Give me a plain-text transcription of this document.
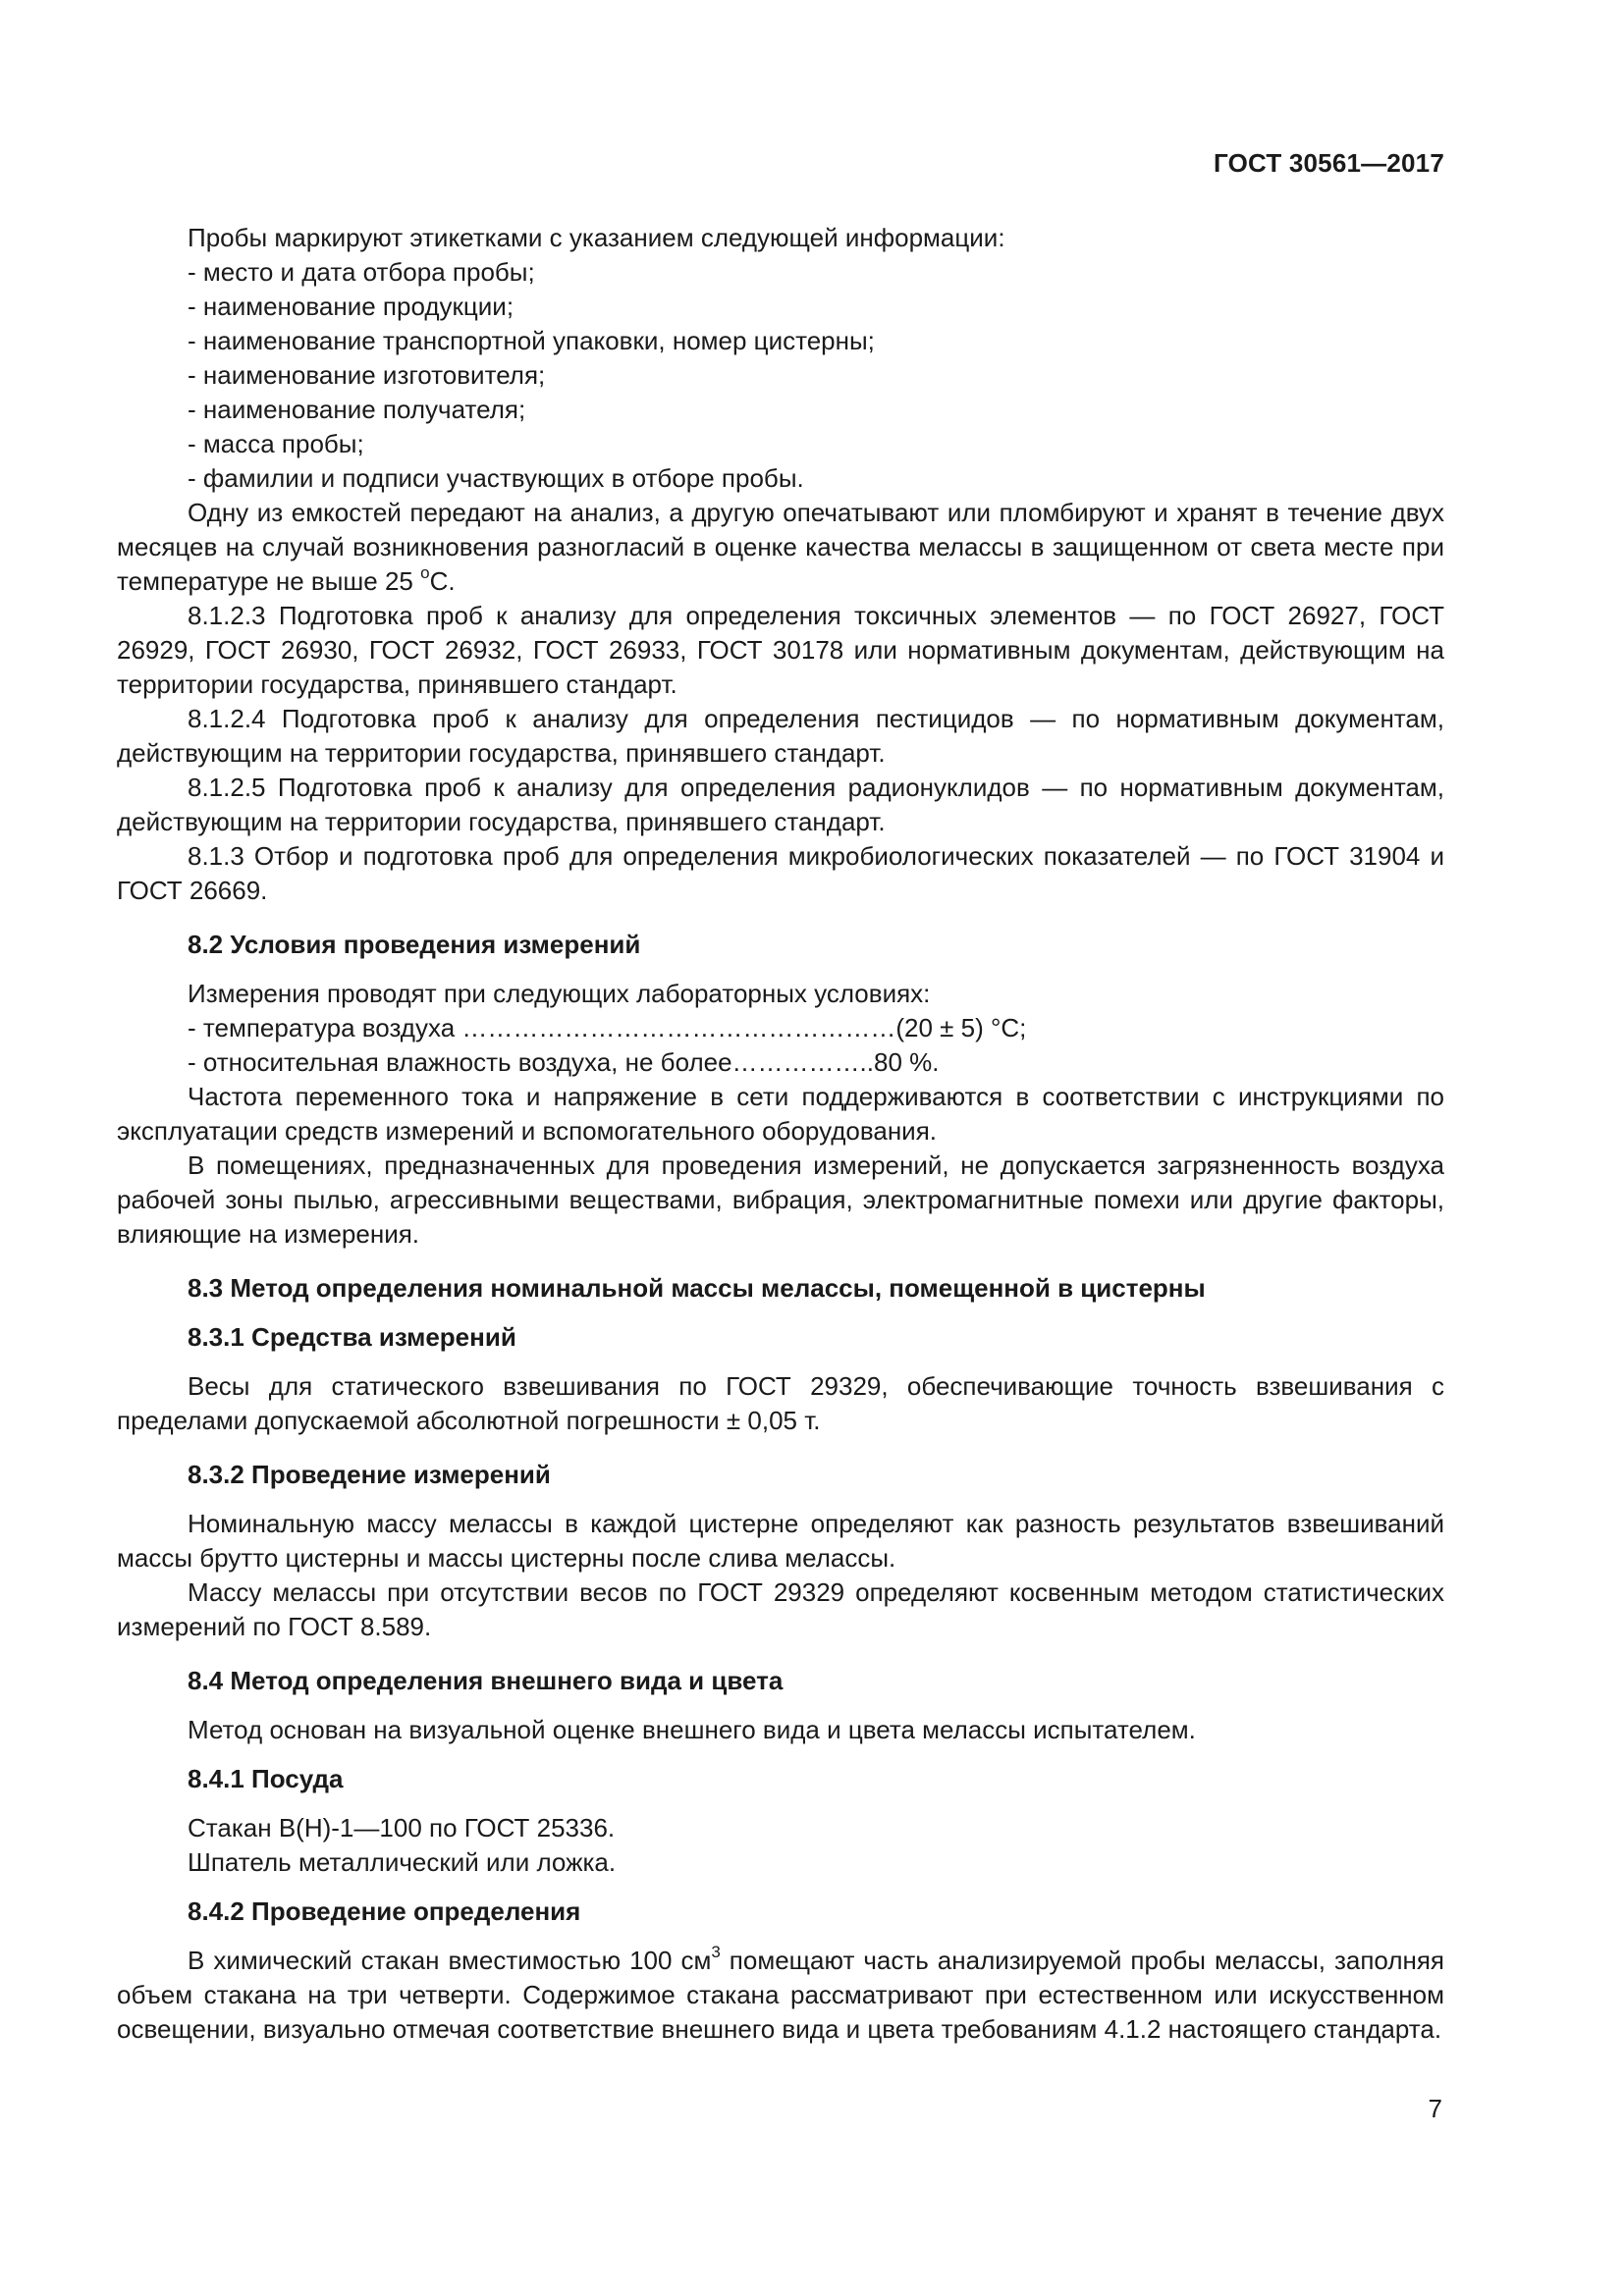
ГОСТ 30561—2017

Пробы маркируют этикетками с указанием следующей информации:

- место и дата отбора пробы;

- наименование продукции;

- наименование транспортной упаковки, номер цистерны;

- наименование изготовителя;

- наименование получателя;

- масса пробы;

- фамилии и подписи участвующих в отборе пробы.

Одну из емкостей передают на анализ, а другую опечатывают или пломбируют и хранят в течение двух месяцев на случай возникновения разногласий в оценке качества мелассы в защищенном от света месте при температуре не выше 25 $^о$С.

8.1.2.3 Подготовка проб к анализу для определения токсичных элементов — по ГОСТ 26927, ГОСТ 26929, ГОСТ 26930, ГОСТ 26932, ГОСТ 26933, ГОСТ 30178 или нормативным документам, действующим на территории государства, принявшего стандарт.

8.1.2.4 Подготовка проб к анализу для определения пестицидов — по нормативным документам, действующим на территории государства, принявшего стандарт.

8.1.2.5 Подготовка проб к анализу для определения радионуклидов — по нормативным документам, действующим на территории государства, принявшего стандарт.

8.1.3 Отбор и подготовка проб для определения микробиологических показателей — по ГОСТ 31904 и ГОСТ 26669.

8.2 Условия проведения измерений

Измерения проводят при следующих лабораторных условиях:

- температура воздуха ……………………………………………(20 ± 5) °С;

- относительная влажность воздуха, не более……………..80 %.

Частота переменного тока и напряжение в сети поддерживаются в соответствии с инструкциями по эксплуатации средств измерений и вспомогательного оборудования.

В помещениях, предназначенных для проведения измерений, не допускается загрязненность воздуха рабочей зоны пылью, агрессивными веществами, вибрация, электромагнитные помехи или другие факторы, влияющие на измерения.

8.3 Метод определения номинальной массы мелассы, помещенной в цистерны

8.3.1 Средства измерений

Весы для статического взвешивания по ГОСТ 29329, обеспечивающие точность взвешивания с пределами допускаемой абсолютной погрешности ± 0,05 т.

8.3.2 Проведение измерений

Номинальную массу мелассы в каждой цистерне определяют как разность результатов взвешиваний массы брутто цистерны и массы цистерны после слива мелассы.

Массу мелассы при отсутствии весов по ГОСТ 29329 определяют косвенным методом статистических измерений по ГОСТ 8.589.

8.4 Метод определения внешнего вида и цвета

Метод основан на визуальной оценке внешнего вида и цвета мелассы испытателем.

8.4.1 Посуда

Стакан В(Н)-1—100 по ГОСТ 25336.

Шпатель металлический или ложка.

8.4.2 Проведение определения

В химический стакан вместимостью 100 $см^3$ помещают часть анализируемой пробы мелассы, заполняя объем стакана на три четверти. Содержимое стакана рассматривают при естественном или искусственном освещении, визуально отмечая соответствие внешнего вида и цвета требованиям 4.1.2 настоящего стандарта.

7
